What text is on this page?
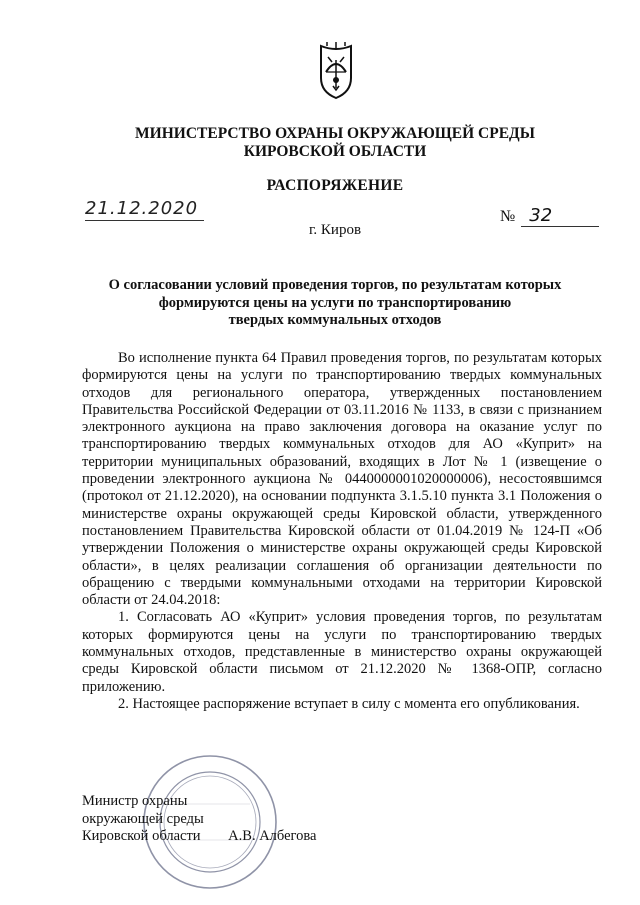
МИНИСТЕРСТВО ОХРАНЫ ОКРУЖАЮЩЕЙ СРЕДЫ
КИРОВСКОЙ ОБЛАСТИ
РАСПОРЯЖЕНИЕ
21.12.2020	№ 32
г. Киров
О согласовании условий проведения торгов, по результатам которых
формируются цены на услуги по транспортированию
твердых коммунальных отходов

Во исполнение пункта 64 Правил проведения торгов, по результатам которых формируются цены на услуги по транспортированию твердых коммунальных отходов для регионального оператора, утвержденных постановлением Правительства Российской Федерации от 03.11.2016 № 1133, в связи с признанием электронного аукциона на право заключения договора на оказание услуг по транспортированию твердых коммунальных отходов для АО «Куприт» на территории муниципальных образований, входящих в Лот № 1 (извещение о проведении электронного аукциона № 0440000001020000006), несостоявшимся (протокол от 21.12.2020), на основании подпункта 3.1.5.10 пункта 3.1 Положения о министерстве охраны окружающей среды Кировской области, утвержденного постановлением Правительства Кировской области от 01.04.2019 № 124-П «Об утверждении Положения о министерстве охраны окружающей среды Кировской области», в целях реализации соглашения об организации деятельности по обращению с твердыми коммунальными отходами на территории Кировской области от 24.04.2018:

1. Согласовать АО «Куприт» условия проведения торгов, по результатам которых формируются цены на услуги по транспортированию твердых коммунальных отходов, представленные в министерство охраны окружающей среды Кировской области письмом от 21.12.2020 № 1368-ОПР, согласно приложению.

2. Настоящее распоряжение вступает в силу с момента его опубликования.

Министр охраны
окружающей среды
Кировской области А.В. Албегова
